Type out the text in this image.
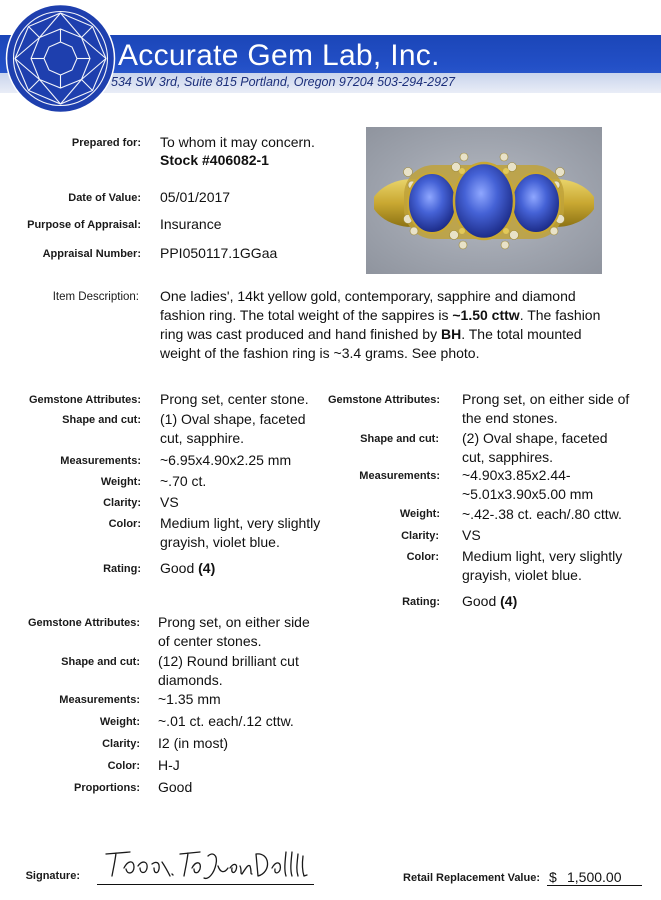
Accurate Gem Lab, Inc.
534 SW 3rd, Suite 815 Portland, Oregon 97204 503-294-2927
Prepared for: To whom it may concern.
Stock #406082-1
Date of Value: 05/01/2017
Purpose of Appraisal: Insurance
Appraisal Number: PPI050117.1GGaa
Item Description: One ladies', 14kt yellow gold, contemporary, sapphire and diamond
fashion ring. The total weight of the sappires is ~1.50 cttw. The fashion
ring was cast produced and hand finished by BH. The total mounted
weight of the fashion ring is ~3.4 grams. See photo.
Gemstone Attributes: Prong set, center stone.
Shape and cut: (1) Oval shape, faceted
cut, sapphire.
Measurements: ~6.95x4.90x2.25 mm
Weight: ~.70 ct.
Clarity: VS
Color: Medium light, very slightly
grayish, violet blue.
Rating: Good (4)
Gemstone Attributes: Prong set, on either side of
the end stones.
Shape and cut: (2) Oval shape, faceted
cut, sapphires.
Measurements: ~4.90x3.85x2.44-
~5.01x3.90x5.00 mm
Weight: ~.42-.38 ct. each/.80 cttw.
Clarity: VS
Color: Medium light, very slightly
grayish, violet blue.
Rating: Good (4)
Gemstone Attributes: Prong set, on either side
of center stones.
Shape and cut: (12) Round brilliant cut
diamonds.
Measurements: ~1.35 mm
Weight: ~.01 ct. each/.12 cttw.
Clarity: I2 (in most)
Color: H-J
Proportions: Good
Signature:	Retail Replacement Value: $ 1,500.00
